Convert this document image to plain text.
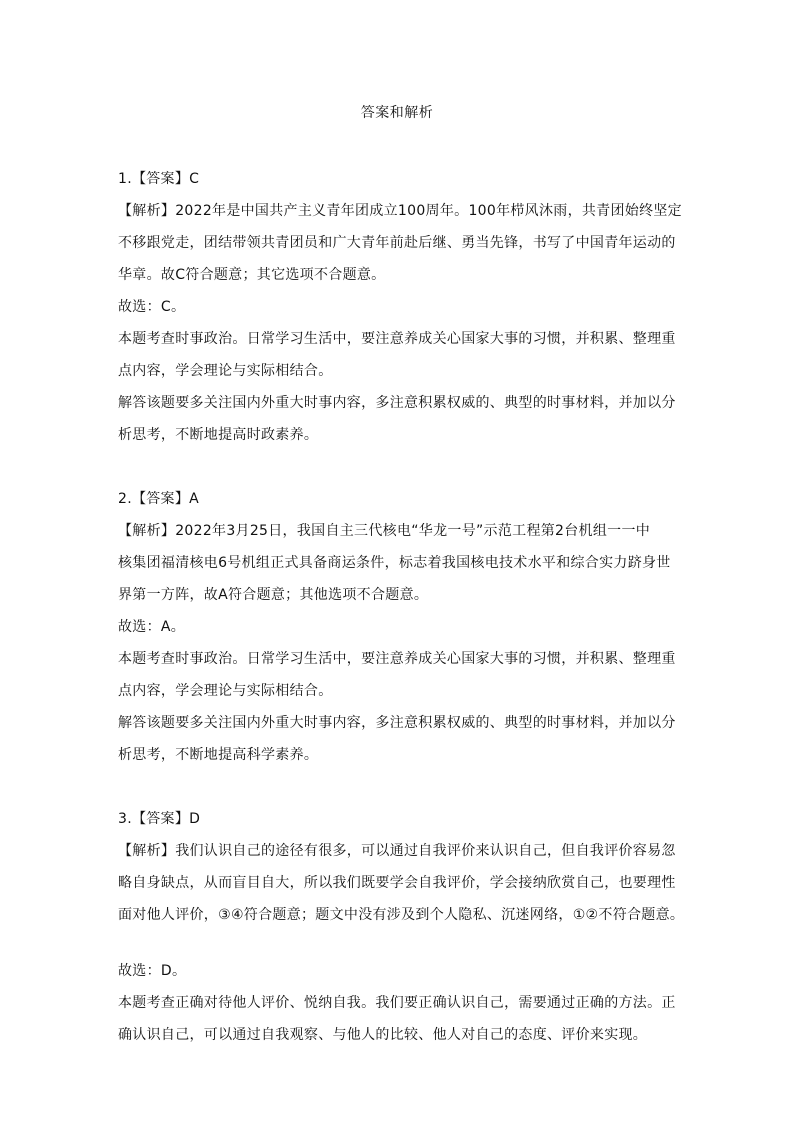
答案和解析
1.【答案】C
【解析】2022年是中国共产主义青年团成立100周年。100年栉风沐雨，共青团始终坚定
不移跟党走，团结带领共青团员和广大青年前赴后继、勇当先锋，书写了中国青年运动的
华章。故C符合题意；其它选项不合题意。
故选：C。
本题考查时事政治。日常学习生活中，要注意养成关心国家大事的习惯，并积累、整理重
点内容，学会理论与实际相结合。
解答该题要多关注国内外重大时事内容，多注意积累权威的、典型的时事材料，并加以分
析思考，不断地提高时政素养。
2.【答案】A
【解析】2022年3月25日，我国自主三代核电“华龙一号”示范工程第2台机组一一中
核集团福清核电6号机组正式具备商运条件，标志着我国核电技术水平和综合实力跻身世
界第一方阵，故A符合题意；其他选项不合题意。
故选：A。
本题考查时事政治。日常学习生活中，要注意养成关心国家大事的习惯，并积累、整理重
点内容，学会理论与实际相结合。
解答该题要多关注国内外重大时事内容，多注意积累权威的、典型的时事材料，并加以分
析思考，不断地提高科学素养。
3.【答案】D
【解析】我们认识自己的途径有很多，可以通过自我评价来认识自己，但自我评价容易忽
略自身缺点，从而盲目自大，所以我们既要学会自我评价，学会接纳欣赏自己，也要理性
面对他人评价，③④符合题意；题文中没有涉及到个人隐私、沉迷网络，①②不符合题意。
故选：D。
本题考查正确对待他人评价、悦纳自我。我们要正确认识自己，需要通过正确的方法。正
确认识自己，可以通过自我观察、与他人的比较、他人对自己的态度、评价来实现。
